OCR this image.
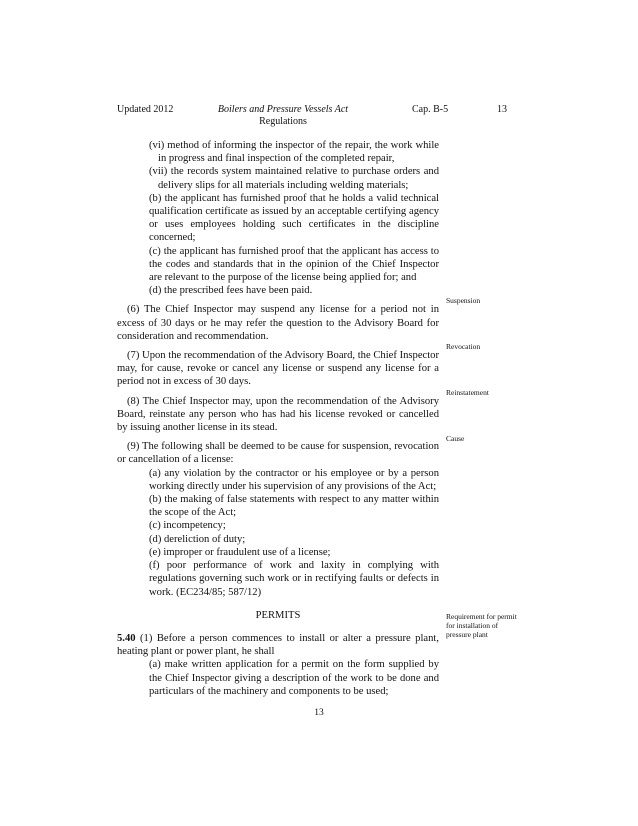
Updated 2012	Boilers and Pressure Vessels Act
Regulations
Cap. B-5	13

(vi) method of informing the inspector of the repair, the work while in progress and final inspection of the completed repair,

(vii) the records system maintained relative to purchase orders and delivery slips for all materials including welding materials;

(b) the applicant has furnished proof that he holds a valid technical qualification certificate as issued by an acceptable certifying agency or uses employees holding such certificates in the discipline concerned;

(c) the applicant has furnished proof that the applicant has access to the codes and standards that in the opinion of the Chief Inspector are relevant to the purpose of the license being applied for; and

(d) the prescribed fees have been paid.

(6) The Chief Inspector may suspend any license for a period not in excess of 30 days or he may refer the question to the Advisory Board for consideration and recommendation.

(7) Upon the recommendation of the Advisory Board, the Chief Inspector may, for cause, revoke or cancel any license or suspend any license for a period not in excess of 30 days.

(8) The Chief Inspector may, upon the recommendation of the Advisory Board, reinstate any person who has had his license revoked or cancelled by issuing another license in its stead.

(9) The following shall be deemed to be cause for suspension, revocation or cancellation of a license:

(a) any violation by the contractor or his employee or by a person working directly under his supervision of any provisions of the Act;

(b) the making of false statements with respect to any matter within the scope of the Act;

(c) incompetency;

(d) dereliction of duty;

(e) improper or fraudulent use of a license;

(f) poor performance of work and laxity in complying with regulations governing such work or in rectifying faults or defects in work. (EC234/85; 587/12)

PERMITS

5.40 (1) Before a person commences to install or alter a pressure plant, heating plant or power plant, he shall

(a) make written application for a permit on the form supplied by the Chief Inspector giving a description of the work to be done and particulars of the machinery and components to be used;

Suspension
Revocation
Reinstatement
Cause
Requirement for permit for installation of pressure plant
13
